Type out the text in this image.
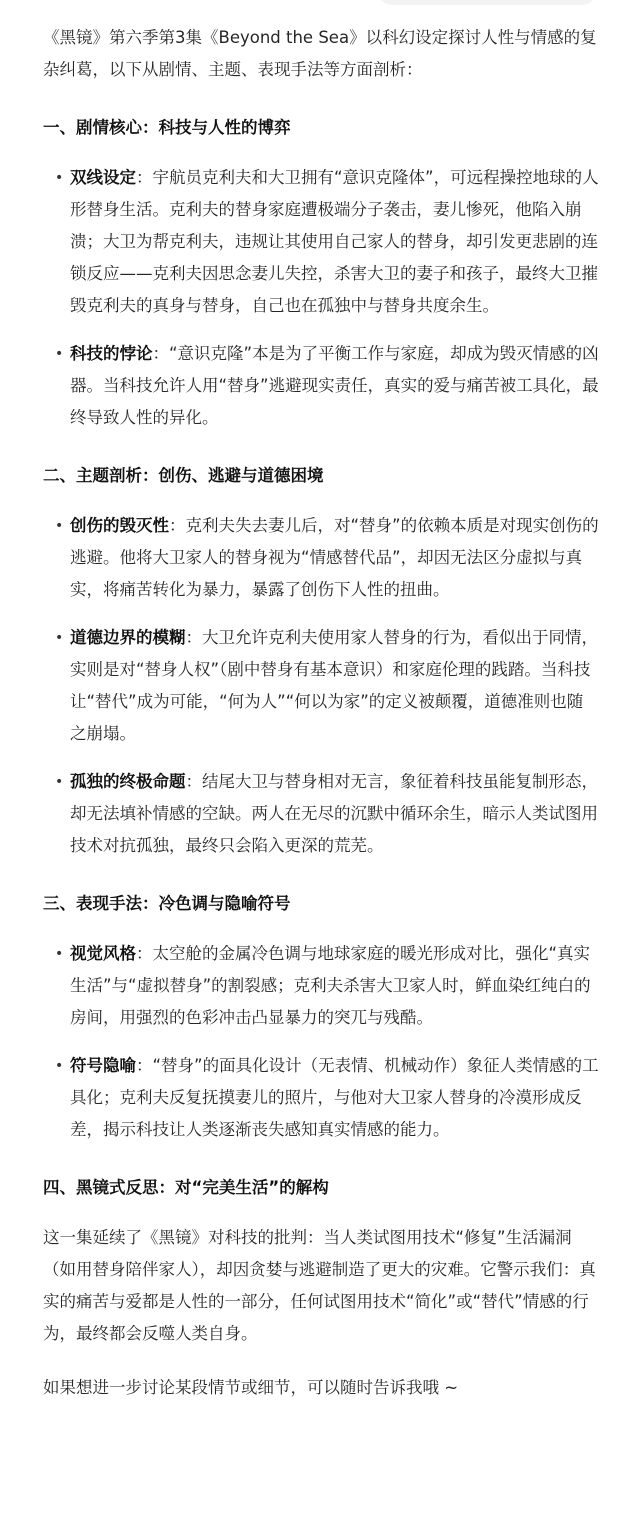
《黑镜》第六季第3集《Beyond the Sea》以科幻设定探讨人性与情感的复杂纠葛，以下从剧情、主题、表现手法等方面剖析：

一、剧情核心：科技与人性的博弈
• 双线设定：宇航员克利夫和大卫拥有“意识克隆体”，可远程操控地球的人形替身生活。克利夫的替身家庭遭极端分子袭击，妻儿惨死，他陷入崩溃；大卫为帮克利夫，违规让其使用自己家人的替身，却引发更悲剧的连锁反应——克利夫因思念妻儿失控，杀害大卫的妻子和孩子，最终大卫摧毁克利夫的真身与替身，自己也在孤独中与替身共度余生。
• 科技的悖论：“意识克隆”本是为了平衡工作与家庭，却成为毁灭情感的凶器。当科技允许人用“替身”逃避现实责任，真实的爱与痛苦被工具化，最终导致人性的异化。
二、主题剖析：创伤、逃避与道德困境
• 创伤的毁灭性：克利夫失去妻儿后，对“替身”的依赖本质是对现实创伤的逃避。他将大卫家人的替身视为“情感替代品”，却因无法区分虚拟与真实，将痛苦转化为暴力，暴露了创伤下人性的扭曲。
• 道德边界的模糊：大卫允许克利夫使用家人替身的行为，看似出于同情，实则是对“替身人权”（剧中替身有基本意识）和家庭伦理的践踏。当科技让“替代”成为可能，“何为人”“何以为家”的定义被颠覆，道德准则也随之崩塌。
• 孤独的终极命题：结尾大卫与替身相对无言，象征着科技虽能复制形态，却无法填补情感的空缺。两人在无尽的沉默中循环余生，暗示人类试图用技术对抗孤独，最终只会陷入更深的荒芜。
三、表现手法：冷色调与隐喻符号
• 视觉风格：太空舱的金属冷色调与地球家庭的暖光形成对比，强化“真实生活”与“虚拟替身”的割裂感；克利夫杀害大卫家人时，鲜血染红纯白的房间，用强烈的色彩冲击凸显暴力的突兀与残酷。
• 符号隐喻：“替身”的面具化设计（无表情、机械动作）象征人类情感的工具化；克利夫反复抚摸妻儿的照片，与他对大卫家人替身的冷漠形成反差，揭示科技让人类逐渐丧失感知真实情感的能力。
四、黑镜式反思：对“完美生活”的解构

这一集延续了《黑镜》对科技的批判：当人类试图用技术“修复”生活漏洞（如用替身陪伴家人），却因贪婪与逃避制造了更大的灾难。它警示我们：真实的痛苦与爱都是人性的一部分，任何试图用技术“简化”或“替代”情感的行为，最终都会反噬人类自身。

如果想进一步讨论某段情节或细节，可以随时告诉我哦 ~
